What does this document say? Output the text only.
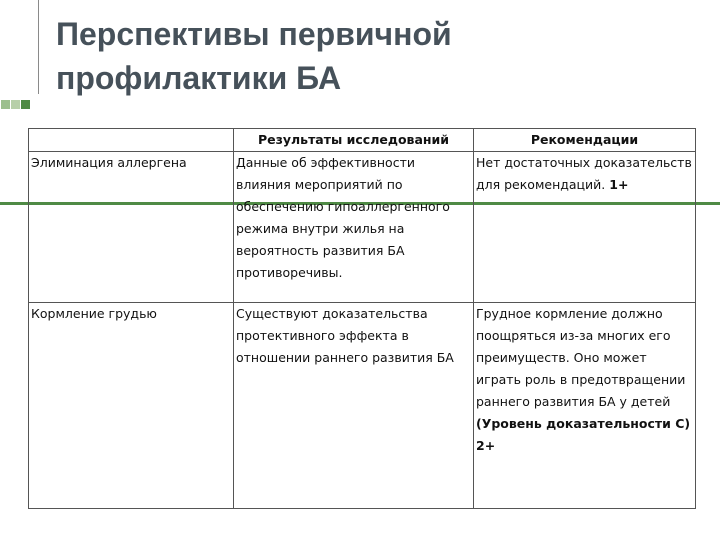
Перспективы первичной
профилактики БА
	Результаты исследований	Рекомендации
Элиминация аллергена	Данные об эффективности влияния мероприятий по обеспечению гипоаллергенного режима внутри жилья на вероятность развития БА противоречивы.	Нет достаточных доказательств для рекомендаций. 1+
Кормление грудью	Существуют доказательства протективного эффекта в отношении раннего развития БА	Грудное кормление должно поощряться из-за многих его преимуществ. Оно может играть роль в предотвращении раннего развития БА у детей (Уровень доказательности С) 2+
